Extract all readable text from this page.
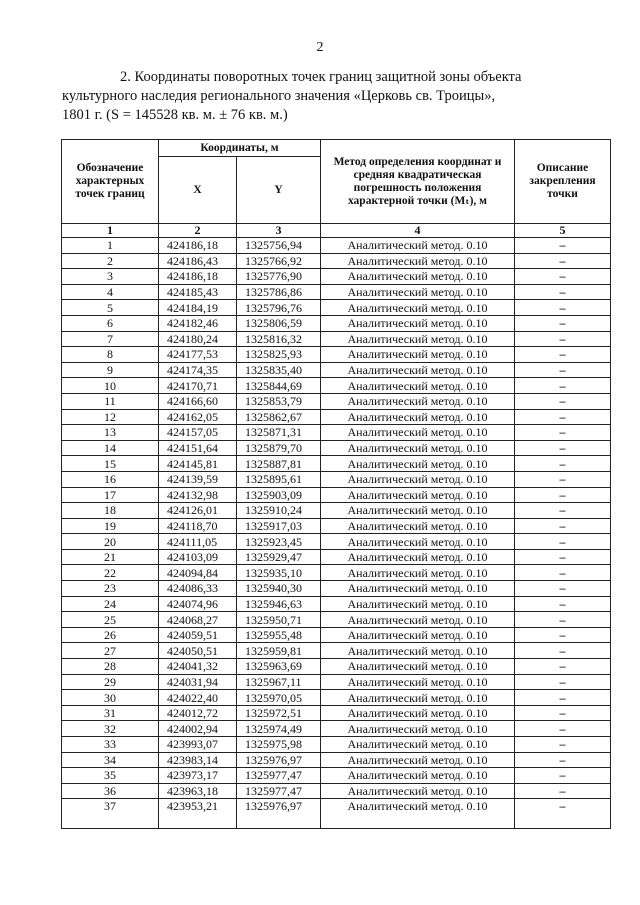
2
2. Координаты поворотных точек границ защитной зоны объекта
культурного наследия регионального значения «Церковь св. Троицы»,
1801 г. (S = 145528 кв. м. ± 76 кв. м.)
Обозначение характерных точек границ	Координаты, м		Метод определения координат и средняя квадратическая погрешность положения характерной точки (Mₜ), м	Описание закрепления точки
	X	Y		
1	2	3	4	5
1	424186,18	1325756,94	Аналитический метод. 0.10	–
2	424186,43	1325766,92	Аналитический метод. 0.10	–
3	424186,18	1325776,90	Аналитический метод. 0.10	–
4	424185,43	1325786,86	Аналитический метод. 0.10	–
5	424184,19	1325796,76	Аналитический метод. 0.10	–
6	424182,46	1325806,59	Аналитический метод. 0.10	–
7	424180,24	1325816,32	Аналитический метод. 0.10	–
8	424177,53	1325825,93	Аналитический метод. 0.10	–
9	424174,35	1325835,40	Аналитический метод. 0.10	–
10	424170,71	1325844,69	Аналитический метод. 0.10	–
11	424166,60	1325853,79	Аналитический метод. 0.10	–
12	424162,05	1325862,67	Аналитический метод. 0.10	–
13	424157,05	1325871,31	Аналитический метод. 0.10	–
14	424151,64	1325879,70	Аналитический метод. 0.10	–
15	424145,81	1325887,81	Аналитический метод. 0.10	–
16	424139,59	1325895,61	Аналитический метод. 0.10	–
17	424132,98	1325903,09	Аналитический метод. 0.10	–
18	424126,01	1325910,24	Аналитический метод. 0.10	–
19	424118,70	1325917,03	Аналитический метод. 0.10	–
20	424111,05	1325923,45	Аналитический метод. 0.10	–
21	424103,09	1325929,47	Аналитический метод. 0.10	–
22	424094,84	1325935,10	Аналитический метод. 0.10	–
23	424086,33	1325940,30	Аналитический метод. 0.10	–
24	424074,96	1325946,63	Аналитический метод. 0.10	–
25	424068,27	1325950,71	Аналитический метод. 0.10	–
26	424059,51	1325955,48	Аналитический метод. 0.10	–
27	424050,51	1325959,81	Аналитический метод. 0.10	–
28	424041,32	1325963,69	Аналитический метод. 0.10	–
29	424031,94	1325967,11	Аналитический метод. 0.10	–
30	424022,40	1325970,05	Аналитический метод. 0.10	–
31	424012,72	1325972,51	Аналитический метод. 0.10	–
32	424002,94	1325974,49	Аналитический метод. 0.10	–
33	423993,07	1325975,98	Аналитический метод. 0.10	–
34	423983,14	1325976,97	Аналитический метод. 0.10	–
35	423973,17	1325977,47	Аналитический метод. 0.10	–
36	423963,18	1325977,47	Аналитический метод. 0.10	–
37	423953,21	1325976,97	Аналитический метод. 0.10	–
